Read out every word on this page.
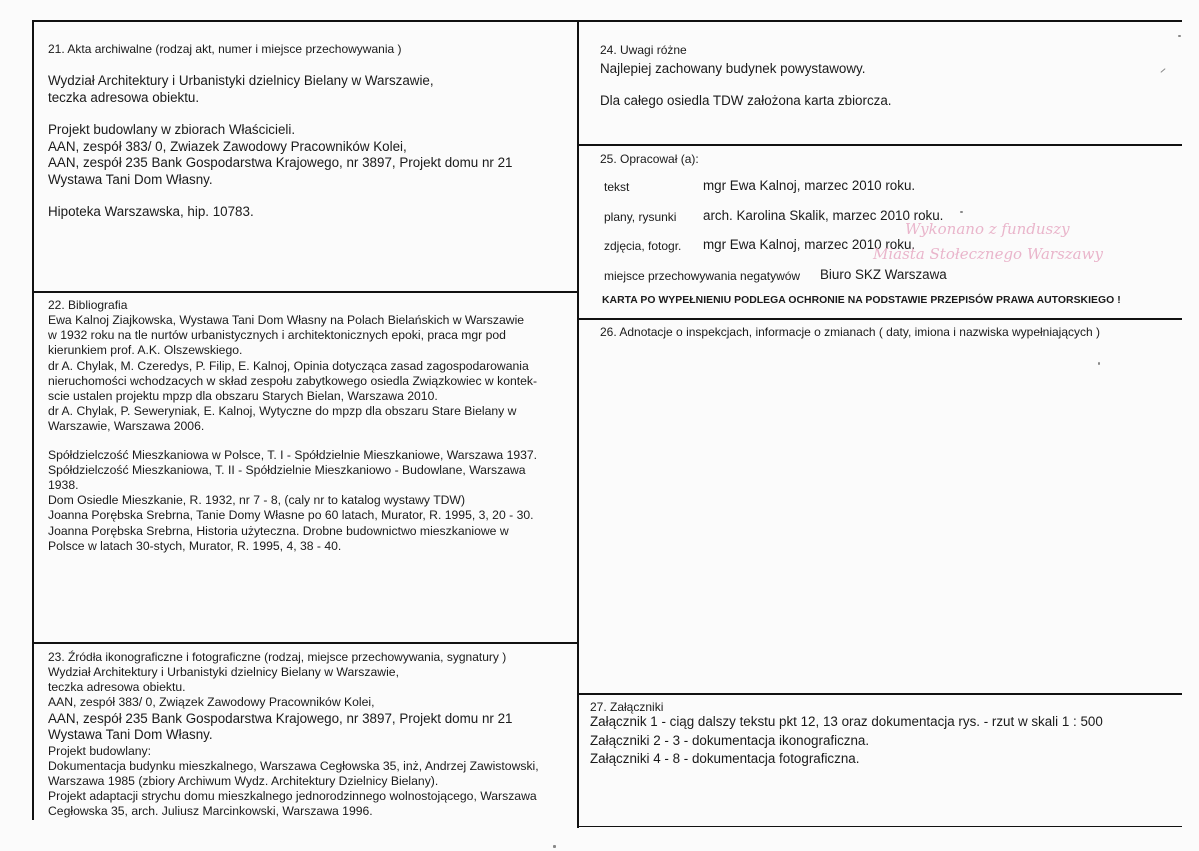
21. Akta archiwalne (rodzaj akt, numer i miejsce przechowywania )
Wydział Architektury i Urbanistyki dzielnicy Bielany w Warszawie,
teczka adresowa obiektu.
Projekt budowlany w zbiorach Właścicieli.
AAN, zespół 383/ 0, Zwiazek Zawodowy Pracowników Kolei,
AAN, zespół 235 Bank Gospodarstwa Krajowego, nr 3897, Projekt domu nr 21
Wystawa Tani Dom Własny.
Hipoteka Warszawska, hip. 10783.
22. Bibliografia
Ewa Kalnoj Ziajkowska, Wystawa Tani Dom Własny na Polach Bielańskich w Warszawie
w 1932 roku na tle nurtów urbanistycznych i architektonicznych epoki, praca mgr pod
kierunkiem prof. A.K. Olszewskiego.
dr A. Chylak, M. Czeredys, P. Filip, E. Kalnoj, Opinia dotycząca zasad zagospodarowania
nieruchomości wchodzacych w skład zespołu zabytkowego osiedla Związkowiec w kontek-
scie ustalen projektu mpzp dla obszaru Starych Bielan, Warszawa 2010.
dr A. Chylak, P. Seweryniak, E. Kalnoj, Wytyczne do mpzp dla obszaru Stare Bielany w
Warszawie, Warszawa 2006.
Spółdzielczość Mieszkaniowa w Polsce, T. I - Spółdzielnie Mieszkaniowe, Warszawa 1937.
Spółdzielczość Mieszkaniowa, T. II - Spółdzielnie Mieszkaniowo - Budowlane, Warszawa
1938.
Dom Osiedle Mieszkanie, R. 1932, nr 7 - 8, (caly nr to katalog wystawy TDW)
Joanna Porębska Srebrna, Tanie Domy Własne po 60 latach, Murator, R. 1995, 3, 20 - 30.
Joanna Porębska Srebrna, Historia użyteczna. Drobne budownictwo mieszkaniowe w
Polsce w latach 30-stych, Murator, R. 1995, 4, 38 - 40.
23. Źródła ikonograficzne i fotograficzne (rodzaj, miejsce przechowywania, sygnatury )
Wydział Architektury i Urbanistyki dzielnicy Bielany w Warszawie,
teczka adresowa obiektu.
AAN, zespół 383/ 0, Związek Zawodowy Pracowników Kolei,
AAN, zespół 235 Bank Gospodarstwa Krajowego, nr 3897, Projekt domu nr 21
Wystawa Tani Dom Własny.
Projekt budowlany:
Dokumentacja budynku mieszkalnego, Warszawa Cegłowska 35, inż, Andrzej Zawistowski,
Warszawa 1985 (zbiory Archiwum Wydz. Architektury Dzielnicy Bielany).
Projekt adaptacji strychu domu mieszkalnego jednorodzinnego wolnostojącego, Warszawa
Cegłowska 35, arch. Juliusz Marcinkowski, Warszawa 1996.
24. Uwagi różne
Najlepiej zachowany budynek powystawowy.
Dla całego osiedla TDW założona karta zbiorcza.
25. Opracował (a):
tekst	mgr Ewa Kalnoj, marzec 2010 roku.
plany, rysunki arch. Karolina Skalik, marzec 2010 roku.
zdjęcia, fotogr. mgr Ewa Kalnoj, marzec 2010 roku.
miejsce przechowywania negatywów Biuro SKZ Warszawa
KARTA PO WYPEŁNIENIU PODLEGA OCHRONIE NA PODSTAWIE PRZEPISÓW PRAWA AUTORSKIEGO !
Wykonano z funduszy
Miasta Stołecznego Warszawy
26. Adnotacje o inspekcjach, informacje o zmianach ( daty, imiona i nazwiska wypełniających )
27. Załączniki
Załącznik 1 - ciąg dalszy tekstu pkt 12, 13 oraz dokumentacja rys. - rzut w skali 1 : 500
Załączniki 2 - 3 - dokumentacja ikonograficzna.
Załączniki 4 - 8 - dokumentacja fotograficzna.
